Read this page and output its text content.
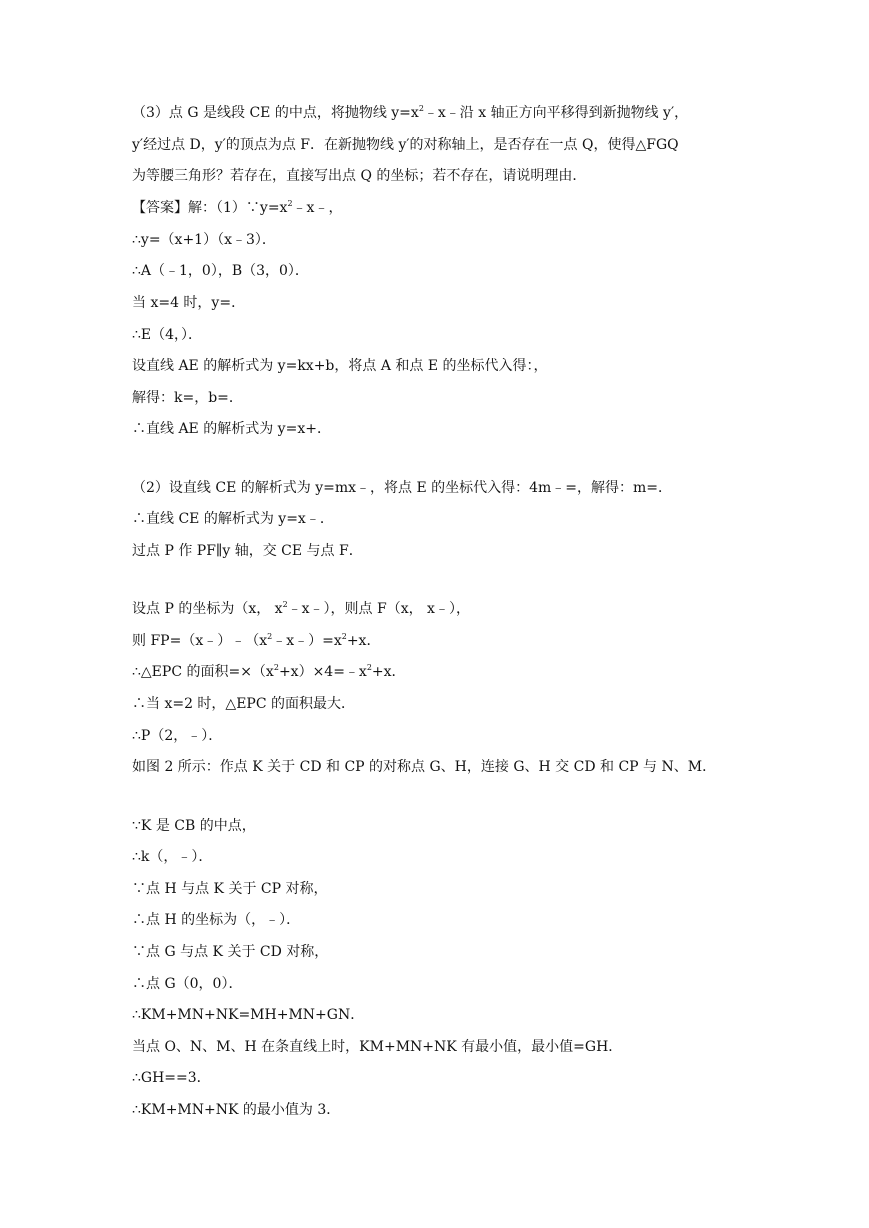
（3）点 G 是线段 CE 的中点，将抛物线 $y=x^2﹣x﹣$沿 x 轴正方向平移得到新抛物线 y′，
y′经过点 D，y′的顶点为点 F．在新抛物线 y′的对称轴上，是否存在一点 Q，使得△FGQ
为等腰三角形？若存在，直接写出点 Q 的坐标；若不存在，请说明理由．
【答案】解：$(1)\because y=x^2﹣x﹣$，
∴y=（x+1）（x﹣3）．
∴A（﹣1，0），B（3，0）．
当 x=4 时，y=．
∴E（4，）．
设直线 AE 的解析式为 y=kx+b，将点 A 和点 E 的坐标代入得：，
解得：k=，b=．
∴直线 AE 的解析式为 y=x+．
（2）设直线 CE 的解析式为 y=mx﹣，将点 E 的坐标代入得：4m﹣=，解得：m=．
∴直线 CE 的解析式为 y=x﹣．
过点 P 作 PF∥y 轴，交 CE 与点 F．
设点 P 的坐标为（x， $x^2﹣x﹣$），则点 F（x， x﹣），
则 $FP=(x﹣)﹣(x^2﹣x﹣)=x^2+x$．
∴△EPC 的面积$=\times(x^2+x)\times 4=﹣x^2+x$．
∴当 x=2 时，△EPC 的面积最大．
∴P（2，﹣）．
如图 2 所示：作点 K 关于 CD 和 CP 的对称点 G、H，连接 G、H 交 CD 和 CP 与 N、M．
∵K 是 CB 的中点，
∴k（，﹣）．
∵点 H 与点 K 关于 CP 对称，
∴点 H 的坐标为（，﹣）．
∵点 G 与点 K 关于 CD 对称，
∴点 G（0，0）．
∴KM+MN+NK=MH+MN+GN．
当点 O、N、M、H 在条直线上时，KM+MN+NK 有最小值，最小值=GH．
∴GH==3．
∴KM+MN+NK 的最小值为 3．
